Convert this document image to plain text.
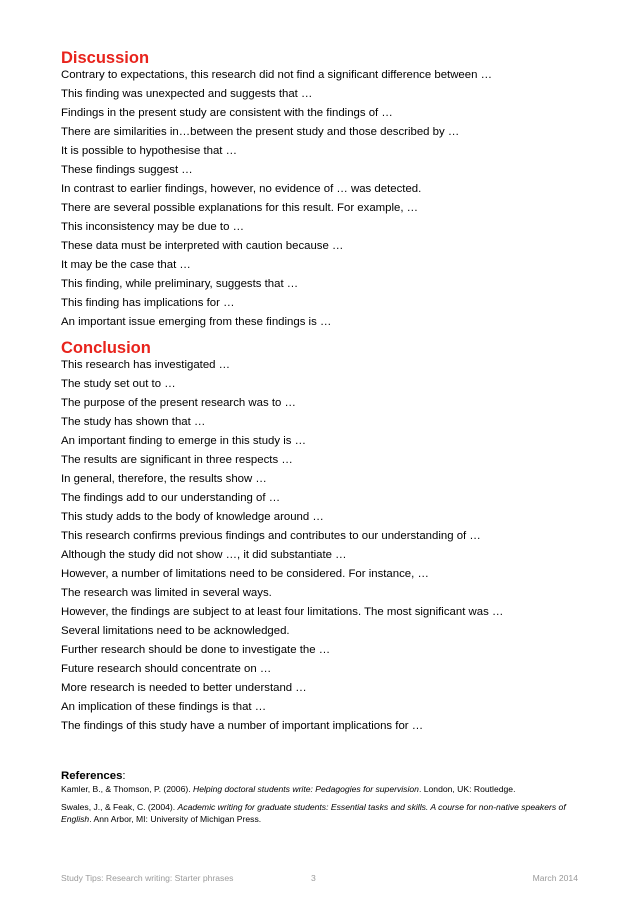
Discussion

Contrary to expectations, this research did not find a significant difference between …

This finding was unexpected and suggests that …

Findings in the present study are consistent with the findings of …

There are similarities in…between the present study and those described by …

It is possible to hypothesise that …

These findings suggest …

In contrast to earlier findings, however, no evidence of … was detected.

There are several possible explanations for this result. For example, …

This inconsistency may be due to …

These data must be interpreted with caution because …

It may be the case that …

This finding, while preliminary, suggests that …

This finding has implications for …

An important issue emerging from these findings is …

Conclusion

This research has investigated …

The study set out to …

The purpose of the present research was to …

The study has shown that …

An important finding to emerge in this study is …

The results are significant in three respects …

In general, therefore, the results show …

The findings add to our understanding of …

This study adds to the body of knowledge around …

This research confirms previous findings and contributes to our understanding of …

Although the study did not show …, it did substantiate …

However, a number of limitations need to be considered. For instance, …

The research was limited in several ways.

However, the findings are subject to at least four limitations. The most significant was …

Several limitations need to be acknowledged.

Further research should be done to investigate the …

Future research should concentrate on …

More research is needed to better understand …

An implication of these findings is that …

The findings of this study have a number of important implications for …

References:

Kamler, B., & Thomson, P. (2006). Helping doctoral students write: Pedagogies for supervision. London, UK: Routledge.

Swales, J., & Feak, C. (2004). Academic writing for graduate students: Essential tasks and skills. A course for non-native speakers of English. Ann Arbor, MI: University of Michigan Press.

Study Tips: Research writing: Starter phrases	3	March 2014
